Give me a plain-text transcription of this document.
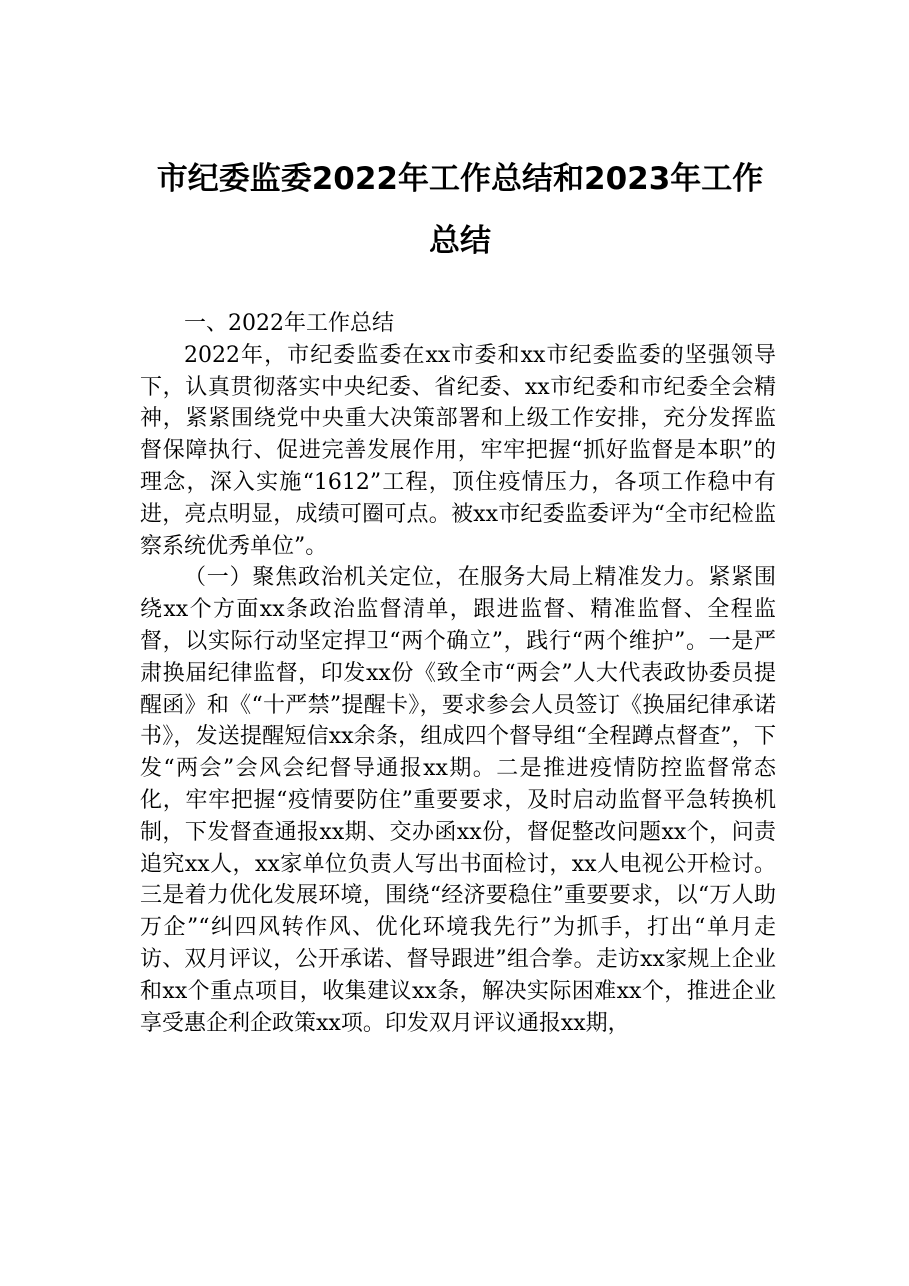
市纪委监委2022年工作总结和2023年工作
总结

一、2022年工作总结

2022年，市纪委监委在xx市委和xx市纪委监委的坚强领导下，认真贯彻落实中央纪委、省纪委、xx市纪委和市纪委全会精神，紧紧围绕党中央重大决策部署和上级工作安排，充分发挥监督保障执行、促进完善发展作用，牢牢把握“抓好监督是本职”的理念，深入实施“1612”工程，顶住疫情压力，各项工作稳中有进，亮点明显，成绩可圈可点。被xx市纪委监委评为“全市纪检监察系统优秀单位”。

（一）聚焦政治机关定位，在服务大局上精准发力。紧紧围绕xx个方面xx条政治监督清单，跟进监督、精准监督、全程监督，以实际行动坚定捍卫“两个确立”，践行“两个维护”。一是严肃换届纪律监督，印发xx份《致全市“两会”人大代表政协委员提醒函》和《“十严禁”提醒卡》，要求参会人员签订《换届纪律承诺书》，发送提醒短信xx余条，组成四个督导组“全程蹲点督查”，下发“两会”会风会纪督导通报xx期。二是推进疫情防控监督常态化，牢牢把握“疫情要防住”重要要求，及时启动监督平急转换机制，下发督查通报xx期、交办函xx份，督促整改问题xx个，问责追究xx人，xx家单位负责人写出书面检讨，xx人电视公开检讨。三是着力优化发展环境，围绕“经济要稳住”重要要求，以“万人助万企”“纠四风转作风、优化环境我先行”为抓手，打出“单月走访、双月评议，公开承诺、督导跟进”组合拳。走访xx家规上企业和xx个重点项目，收集建议xx条，解决实际困难xx个，推进企业享受惠企利企政策xx项。印发双月评议通报xx期，
